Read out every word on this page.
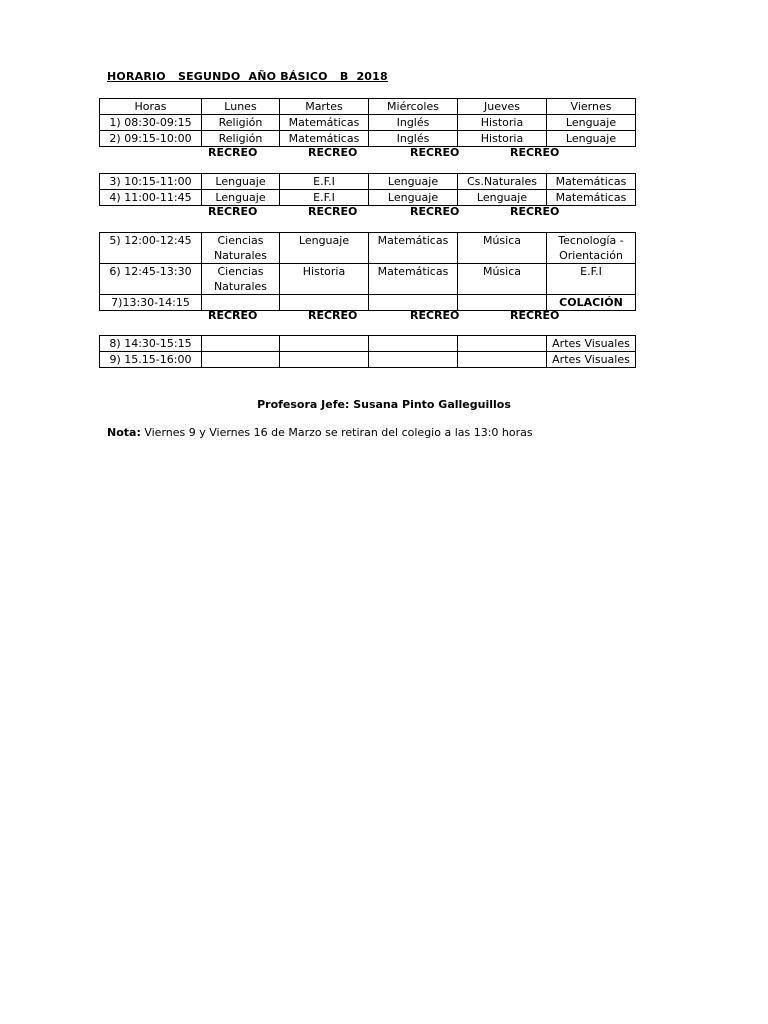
HORARIO   SEGUNDO  AÑO BÁSICO   B  2018
Horas	Lunes	Martes	Miércoles	Jueves	Viernes
1) 08:30-09:15	Religión	Matemáticas	Inglés	Historia	Lenguaje
2) 09:15-10:00	Religión	Matemáticas	Inglés	Historia	Lenguaje
RECREO	RECREO	RECREO	RECREO
3) 10:15-11:00	Lenguaje	E.F.I	Lenguaje	Cs.Naturales	Matemáticas
4) 11:00-11:45	Lenguaje	E.F.I	Lenguaje	Lenguaje	Matemáticas
RECREO	RECREO	RECREO	RECREO
5) 12:00-12:45	Ciencias Naturales	Lenguaje	Matemáticas	Música	Tecnología - Orientación
6) 12:45-13:30	Ciencias Naturales	Historia	Matemáticas	Música	E.F.I
7)13:30-14:15					COLACIÓN
RECREO	RECREO	RECREO	RECREO
8) 14:30-15:15					Artes Visuales
9) 15.15-16:00					Artes Visuales
Profesora Jefe: Susana Pinto Galleguillos
Nota: Viernes 9 y Viernes 16 de Marzo se retiran del colegio a las 13:0 horas
